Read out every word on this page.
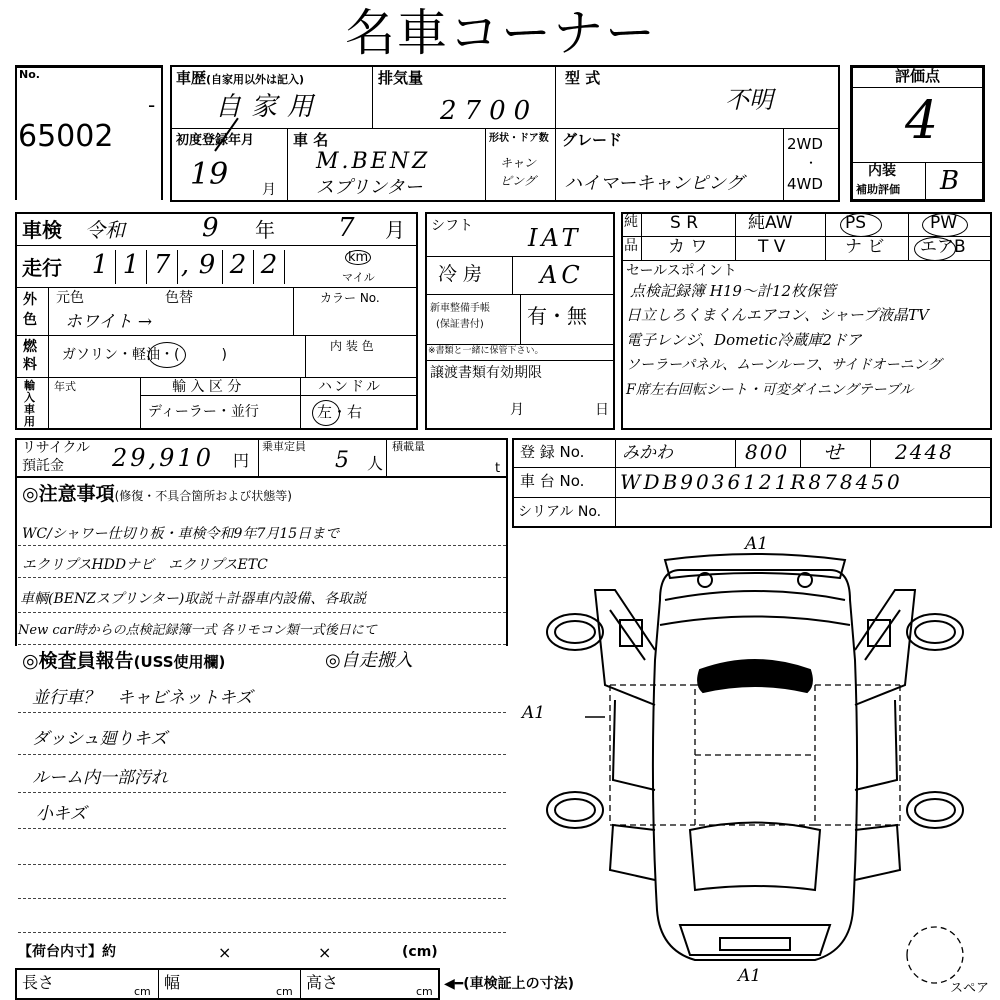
名車コーナー
No.
65002
-
車歴(自家用以外は記入)
自家用
排気量
2700
型 式
不明
初度登録年月
19 月
車 名
M.BENZ
スプリンター
形状・ドア数
キャン
ピング
グレード
ハイマーキャンピング
2WD
・
4WD
評価点
4
内装
補助評価 B
車検 令和	9 年 7 月
走行 1 1 7 , 9 2 2	km
マイル
外
色
元色	色替	カラー No.
ホワイト →
燃
料
ガソリン・軽油・(　　　)
内 装 色
輸
入
車
用
年式	輸 入 区 分
ディーラー・並行
ハンドル
左・右
シフト IAT
冷 房 AC
新車整備手帳
(保証書付) 有・無
※書類と一緒に保管下さい。
譲渡書類有効期限
月	日
純
品
S R	純AW	PS	PW
カ ワ	T V	ナ ビ エアB
セールスポイント
点検記録簿 H19～計12枚保管
日立しろくまくんエアコン、シャープ液晶TV
電子レンジ、Dometic冷蔵庫2ドア
ソーラーパネル、ムーンルーフ、サイドオーニング
F席左右回転シート・可変ダイニングテーブル
リサイクル
預託金 29,910 円
乗車定員
5 人
積載量
t
登 録 No. みかわ	800 せ	2448
車 台 No. WDB9036121R878450
シリアル No.
◎注意事項(修復・不具合箇所および状態等)
WC/シャワー仕切り板・車検令和9年7月15日まで
エクリプスHDDナビ　エクリプスETC
車輌(BENZスプリンター)取説＋計器車内設備、各取説
New car時からの点検記録簿一式 各リモコン類一式後日にて
◎検査員報告(USS使用欄)	◎自走搬入
並行車？　キャビネットキズ
ダッシュ廻りキズ
ルーム内一部汚れ
小キズ
【荷台内寸】約	×	×	(cm)
長さ	cm 幅	cm 高さ	cm ◀━(車検証上の寸法)
A1
A1
A1
スペア
